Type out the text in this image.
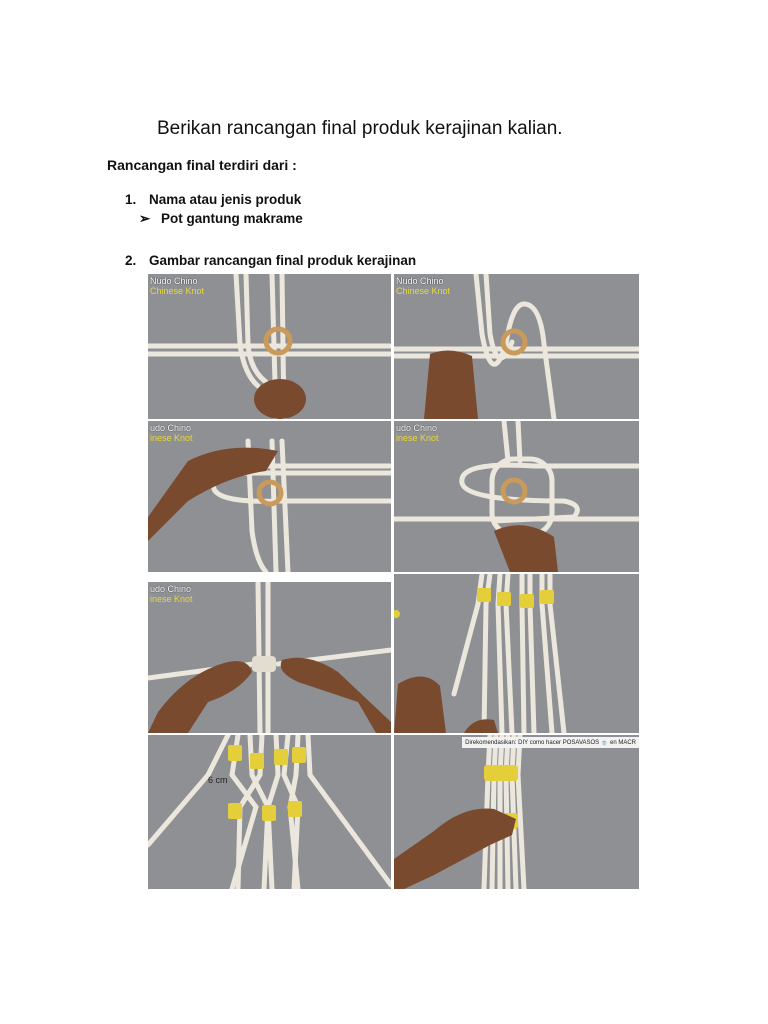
Berikan rancangan final produk kerajinan kalian.
Rancangan final terdiri dari :
1. Nama atau jenis produk
➢ Pot gantung makrame
2. Gambar rancangan final produk kerajinan
Nudo Chino
Chinese Knot
Nudo Chino
Chinese Knot
udo Chino
inese Knot
udo Chino
inese Knot
udo Chino
inese Knot
6 cm
Direkomendasikan: DIY como hacer POSAVASOS 🍵 en MACR
